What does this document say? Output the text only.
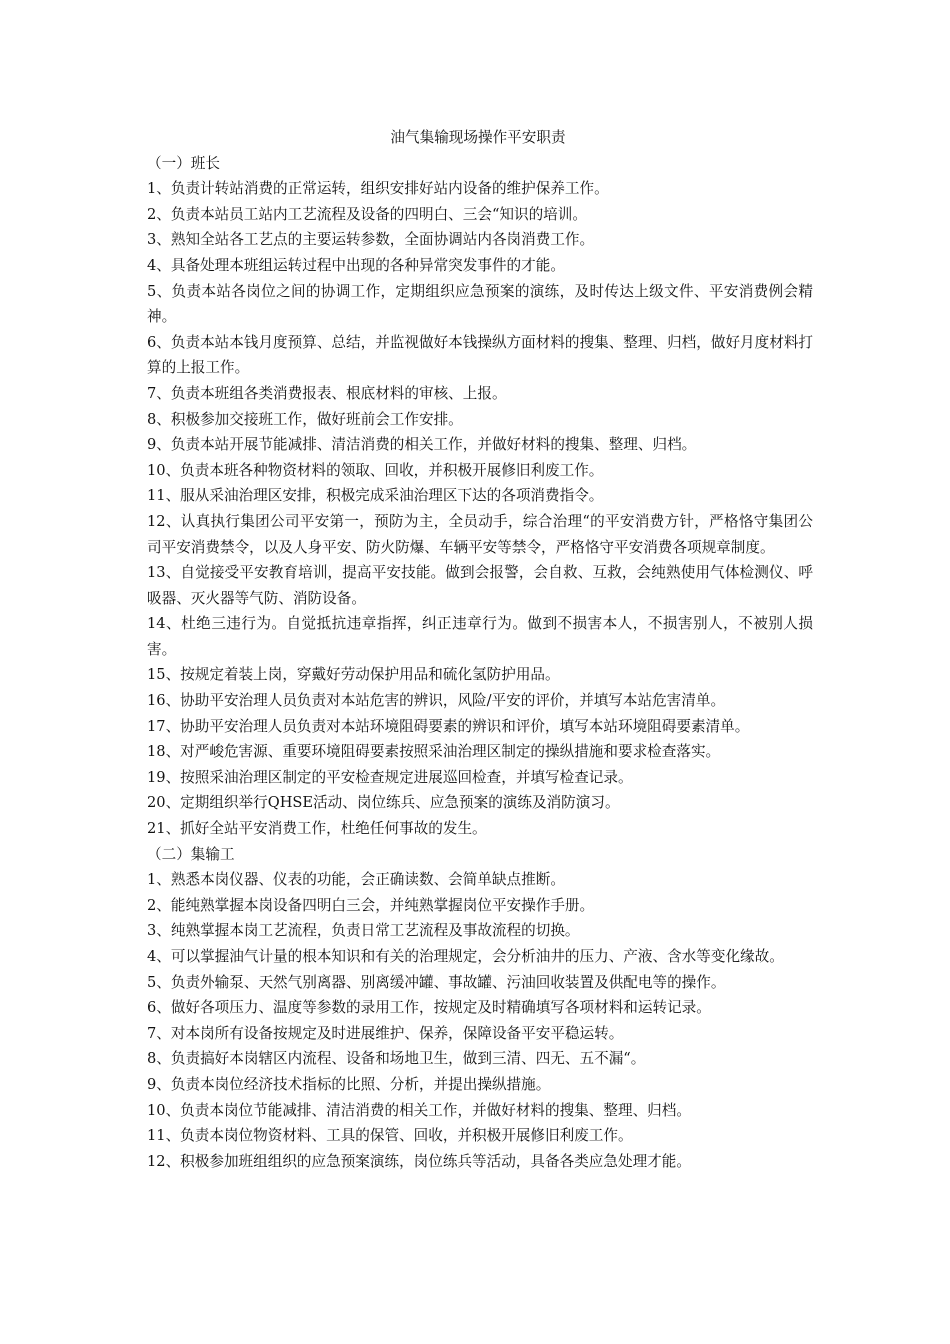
油气集输现场操作平安职责

（一）班长

1、负责计转站消费的正常运转，组织安排好站内设备的维护保养工作。

2、负责本站员工站内工艺流程及设备的四明白、三会“知识的培训。

3、熟知全站各工艺点的主要运转参数，全面协调站内各岗消费工作。

4、具备处理本班组运转过程中出现的各种异常突发事件的才能。

5、负责本站各岗位之间的协调工作，定期组织应急预案的演练，及时传达上级文件、平安消费例会精神。

6、负责本站本钱月度预算、总结，并监视做好本钱操纵方面材料的搜集、整理、归档，做好月度材料打算的上报工作。

7、负责本班组各类消费报表、根底材料的审核、上报。

8、积极参加交接班工作，做好班前会工作安排。

9、负责本站开展节能减排、清洁消费的相关工作，并做好材料的搜集、整理、归档。

10、负责本班各种物资材料的领取、回收，并积极开展修旧利废工作。

11、服从采油治理区安排，积极完成采油治理区下达的各项消费指令。

12、认真执行集团公司平安第一，预防为主，全员动手，综合治理“的平安消费方针，严格恪守集团公司平安消费禁令，以及人身平安、防火防爆、车辆平安等禁令，严格恪守平安消费各项规章制度。

13、自觉接受平安教育培训，提高平安技能。做到会报警，会自救、互救，会纯熟使用气体检测仪、呼吸器、灭火器等气防、消防设备。

14、杜绝三违行为。自觉抵抗违章指挥，纠正违章行为。做到不损害本人，不损害别人，不被别人损害。

15、按规定着装上岗，穿戴好劳动保护用品和硫化氢防护用品。

16、协助平安治理人员负责对本站危害的辨识，风险/平安的评价，并填写本站危害清单。

17、协助平安治理人员负责对本站环境阻碍要素的辨识和评价，填写本站环境阻碍要素清单。

18、对严峻危害源、重要环境阻碍要素按照采油治理区制定的操纵措施和要求检查落实。

19、按照采油治理区制定的平安检查规定进展巡回检查，并填写检查记录。

20、定期组织举行QHSE活动、岗位练兵、应急预案的演练及消防演习。

21、抓好全站平安消费工作，杜绝任何事故的发生。

（二）集输工

1、熟悉本岗仪器、仪表的功能，会正确读数、会简单缺点推断。

2、能纯熟掌握本岗设备四明白三会，并纯熟掌握岗位平安操作手册。

3、纯熟掌握本岗工艺流程，负责日常工艺流程及事故流程的切换。

4、可以掌握油气计量的根本知识和有关的治理规定，会分析油井的压力、产液、含水等变化缘故。

5、负责外输泵、天然气别离器、别离缓冲罐、事故罐、污油回收装置及供配电等的操作。

6、做好各项压力、温度等参数的录用工作，按规定及时精确填写各项材料和运转记录。

7、对本岗所有设备按规定及时进展维护、保养，保障设备平安平稳运转。

8、负责搞好本岗辖区内流程、设备和场地卫生，做到三清、四无、五不漏“。

9、负责本岗位经济技术指标的比照、分析，并提出操纵措施。

10、负责本岗位节能减排、清洁消费的相关工作，并做好材料的搜集、整理、归档。

11、负责本岗位物资材料、工具的保管、回收，并积极开展修旧利废工作。

12、积极参加班组组织的应急预案演练，岗位练兵等活动，具备各类应急处理才能。
